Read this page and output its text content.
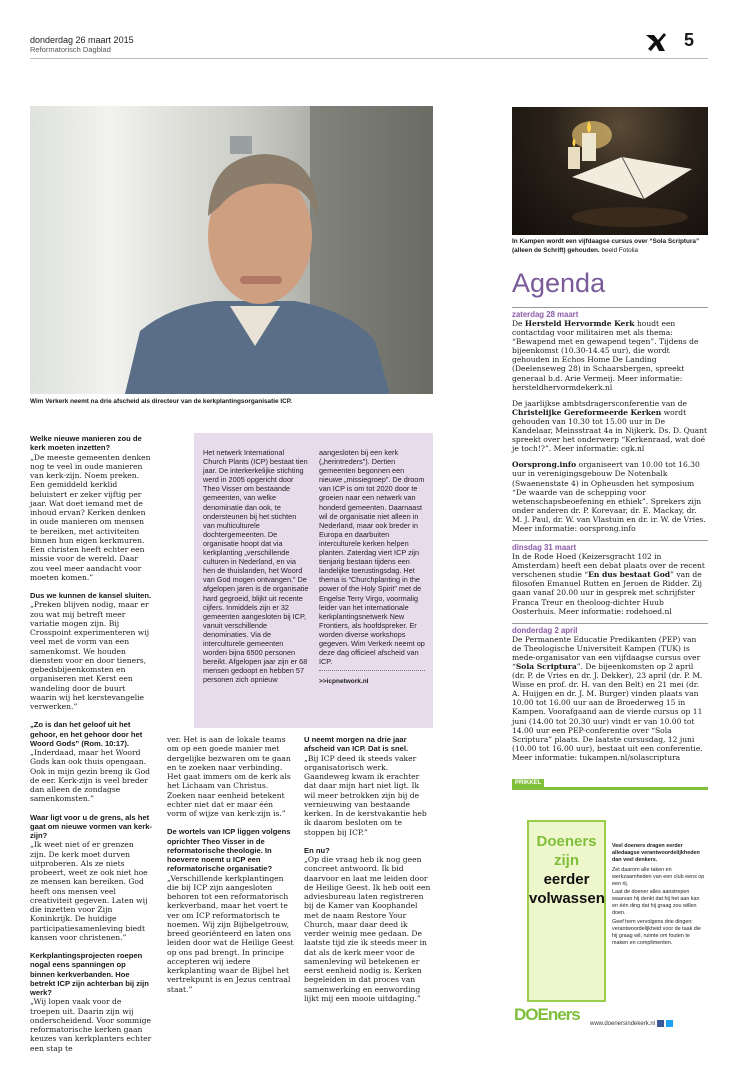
donderdag 26 maart 2015
Reformatorisch Dagblad	5
Wim Verkerk neemt na drie afscheid als directeur van de kerkplantingsorganisatie ICP.

Welke nieuwe manieren zou de kerk moeten inzetten?
„De meeste gemeenten denken nog te veel in oude manieren van kerk-zijn. Noem preken. Een gemiddeld kerklid beluistert er zeker vijftig per jaar. Wat doet iemand met de inhoud ervan? Kerken denken in oude manieren om mensen te bereiken, met activiteiten binnen hun eigen kerkmuren. Een christen heeft echter een missie voor de wereld. Daar zou veel meer aandacht voor moeten komen.”

Dus we kunnen de kansel sluiten.
„Preken blijven nodig, maar er zou wat mij betreft meer variatie mogen zijn. Bij Crosspoint experimenteren wij veel met de vorm van een samenkomst. We houden diensten voor en door tieners, gebedsbijeenkomsten en organiseren met Kerst een wandeling door de buurt waarin wij het kerstevangelie verwerken.”

„Zo is dan het geloof uit het gehoor, en het gehoor door het Woord Gods” (Rom. 10:17).
„Inderdaad, maar het Woord Gods kan ook thuis opengaan. Ook in mijn gezin breng ik God de eer. Kerk-zijn is veel breder dan alleen de zondagse samenkomsten.”

Waar ligt voor u de grens, als het gaat om nieuwe vormen van kerk-zijn?
„Ik weet niet of er grenzen zijn. De kerk moet durven uitproberen. Als ze niets probeert, weet ze ook niet hoe ze mensen kan bereiken. God heeft ons mensen veel creativiteit gegeven. Laten wij die inzetten voor Zijn Koninkrijk. De huidige participatiesamenleving biedt kansen voor christenen.”

Kerkplantingsprojecten roepen nogal eens spanningen op binnen kerkverbanden. Hoe betrekt ICP zijn achterban bij zijn werk?
„Wij lopen vaak voor de troepen uit. Daarin zijn wij onderscheidend. Voor sommige reformatorische kerken gaan keuzes van kerkplanters echter een stap te

Het netwerk International Church Plants (ICP) bestaat tien jaar. De interkerkelijke stichting werd in 2005 opgericht door Theo Visser om bestaande gemeenten, van welke denominatie dan ook, te ondersteunen bij het stichten van multiculturele dochtergemeenten. De organisatie hoopt dat via kerkplanting „verschillende culturen in Nederland, en via hen de thuislanden, het Woord van God mogen ontvangen.” De afgelopen jaren is de organisatie hard gegroeid, blijkt uit recente cijfers. Inmiddels zijn er 32 gemeenten aangesloten bij ICP, vanuit verschillende denominaties. Via de interculturele gemeenten worden bijna 6500 personen bereikt. Afgelopen jaar zijn er 68 mensen gedoopt en hebben 57 personen zich opnieuw
aangesloten bij een kerk („herintreders”). Dertien gemeenten begonnen een nieuwe „missiegroep”. De droom van ICP is om tot 2020 door te groeien naar een netwerk van honderd gemeenten. Daarnaast wil de organisatie niet alleen in Nederland, maar ook breder in Europa en daarbuiten interculturele kerken helpen planten. Zaterdag viert ICP zijn tienjarig bestaan tijdens een landelijke toerustingsdag. Het thema is “Churchplanting in the power of the Holy Spirit” met de Engelse Terry Virgo, voormalig leider van het internationale kerkplantingsnetwerk New Frontiers, als hoofdspreker. Er worden diverse workshops gegeven. Wim Verkerk neemt op deze dag officieel afscheid van ICP.
>>icpnetwork.nl

ver. Het is aan de lokale teams om op een goede manier met dergelijke bezwaren om te gaan en te zoeken naar verbinding. Het gaat immers om de kerk als het Lichaam van Christus. Zoeken naar eenheid betekent echter niet dat er maar één vorm of wijze van kerk-zijn is.”

De wortels van ICP liggen volgens oprichter Theo Visser in de reformatorische theologie. In hoeverre noemt u ICP een reformatorische organisatie?
„Verschillende kerkplantingen die bij ICP zijn aangesloten behoren tot een reformatorisch kerkverband, maar het voert te ver om ICP reformatorisch te noemen. Wij zijn Bijbelgetrouw, breed georiënteerd en laten ons leiden door wat de Heilige Geest op ons pad brengt. In principe accepteren wij iedere kerkplanting waar de Bijbel het vertrekpunt is en Jezus centraal staat.”

U neemt morgen na drie jaar afscheid van ICP. Dat is snel.
„Bij ICP deed ik steeds vaker organisatorisch werk. Gaandeweg kwam ik erachter dat daar mijn hart niet ligt. Ik wil meer betrokken zijn bij de vernieuwing van bestaande kerken. In de kerstvakantie heb ik daarom besloten om te stoppen bij ICP.”

En nu?
„Op die vraag heb ik nog geen concreet antwoord. Ik bid daarvoor en laat me leiden door de Heilige Geest. Ik heb ooit een adviesbureau laten registreren bij de Kamer van Koophandel met de naam Restore Your Church, maar daar deed ik verder weinig mee gedaan. De laatste tijd zie ik steeds meer in dat als de kerk meer voor de samenleving wil betekenen er eerst eenheid nodig is. Kerken begeleiden in dat proces van samenwerking en eenwording lijkt mij een mooie uitdaging.”

In Kampen wordt een vijfdaagse cursus over “Sola Scriptura” (alleen de Schrift) gehouden. beeld Fotolia
Agenda
zaterdag 28 maart

De Hersteld Hervormde Kerk houdt een contactdag voor militairen met als thema: “Bewapend met en gewapend tegen”. Tijdens de bijeenkomst (10.30-14.45 uur), die wordt gehouden in Echos Home De Landing (Deelenseweg 28) in Schaarsbergen, spreekt generaal b.d. Arie Vermeij. Meer informatie: hersteldhervormdekerk.nl

De jaarlijkse ambtsdragersconferentie van de Christelijke Gereformeerde Kerken wordt gehouden van 10.30 tot 15.00 uur in De Kandelaar, Meinsstraat 4a in Nijkerk. Ds. D. Quant spreekt over het onderwerp “Kerkenraad, wat doé je toch!?”. Meer informatie: cgk.nl

Oorsprong.info organiseert van 10.00 tot 16.30 uur in verenigingsgebouw De Notenbalk (Swaenenstate 4) in Opheusden het symposium “De waarde van de schepping voor wetenschapsbeoefening en ethiek”. Sprekers zijn onder anderen dr. P. Korevaar, dr. E. Mackay, dr. M. J. Paul, dr. W. van Vlastuin en dr. ir. W. de Vries. Meer informatie: oorsprong.info

dinsdag 31 maart

In de Rode Hoed (Keizersgracht 102 in Amsterdam) heeft een debat plaats over de recent verschenen studie “En dus bestaat God” van de filosofen Emanuel Rutten en Jeroen de Ridder. Zij gaan vanaf 20.00 uur in gesprek met schrijfster Franca Treur en theoloog-dichter Huub Oosterhuis. Meer informatie: rodehoed.nl

donderdag 2 april

De Permanente Educatie Predikanten (PEP) van de Theologische Universiteit Kampen (TUK) is mede-organisator van een vijfdaagse cursus over “Sola Scriptura”. De bijeenkomsten op 2 april (dr. P. de Vries en dr. J. Dekker), 23 april (dr. P. M. Wisse en prof. dr. H. van den Belt) en 21 mei (dr. A. Huijgen en dr. J. M. Burger) vinden plaats van 10.00 tot 16.00 uur aan de Broederweg 15 in Kampen. Voorafgaand aan de vierde cursus op 11 juni (14.00 tot 20.30 uur) vindt er van 10.00 tot 14.00 uur een PEP-conferentie over “Sola Scriptura” plaats. De laatste cursusdag, 12 juni (10.00 tot 16.00 uur), bestaat uit een conferentie. Meer informatie: tukampen.nl/solascriptura

PRIKKEL
Doeners
zijn
eerder
volwassen
Veel doeners dragen eerder alledaagse verantwoordelijkheden dan veel denkers.
Zet daarom alle taken en werkzaamheden van een club eens op een rij.
Laat de doener alles aanstrepen waarvan hij denkt dat hij het aan kan en één ding dat hij graag zou willen doen.
Geef hem vervolgens drie dingen: verantwoordelijkheid voor de taak die hij graag wil, ruimte om fouten te maken en complimenten.
DOEners www.doenersindekerk.nl
